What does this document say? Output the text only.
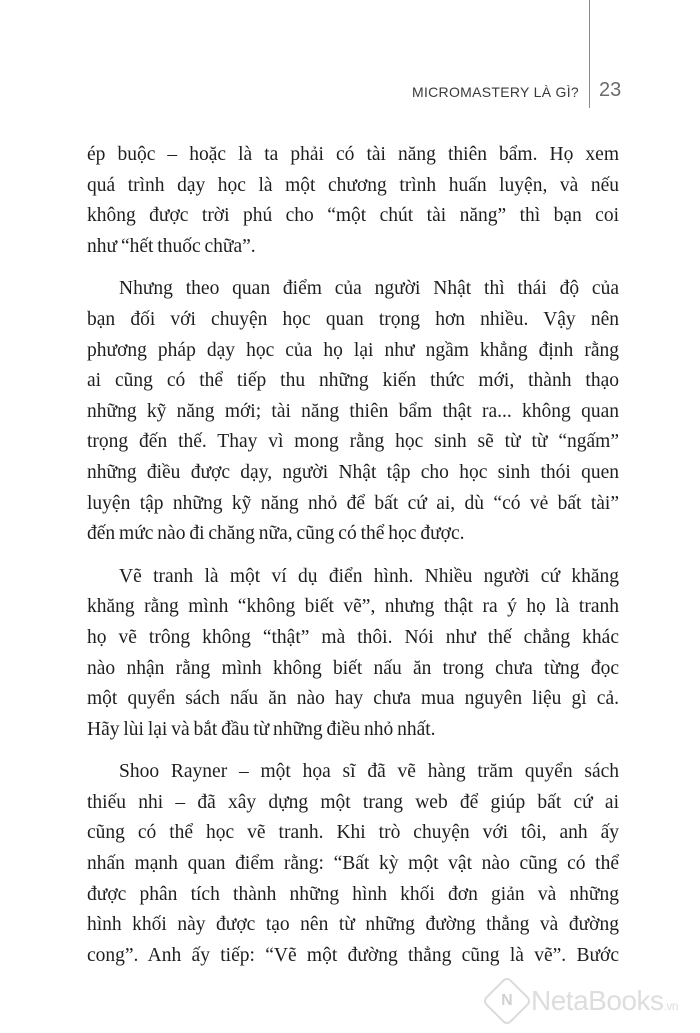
MICROMASTERY LÀ GÌ? 23
ép buộc – hoặc là ta phải có tài năng thiên bẩm. Họ xem
quá trình dạy học là một chương trình huấn luyện, và nếu
không được trời phú cho “một chút tài năng” thì bạn coi
như “hết thuốc chữa”.
Nhưng theo quan điểm của người Nhật thì thái độ của
bạn đối với chuyện học quan trọng hơn nhiều. Vậy nên
phương pháp dạy học của họ lại như ngầm khẳng định rằng
ai cũng có thể tiếp thu những kiến thức mới, thành thạo
những kỹ năng mới; tài năng thiên bẩm thật ra... không quan
trọng đến thế. Thay vì mong rằng học sinh sẽ từ từ “ngấm”
những điều được dạy, người Nhật tập cho học sinh thói quen
luyện tập những kỹ năng nhỏ để bất cứ ai, dù “có vẻ bất tài”
đến mức nào đi chăng nữa, cũng có thể học được.
Vẽ tranh là một ví dụ điển hình. Nhiều người cứ khăng
khăng rằng mình “không biết vẽ”, nhưng thật ra ý họ là tranh
họ vẽ trông không “thật” mà thôi. Nói như thế chẳng khác
nào nhận rằng mình không biết nấu ăn trong chưa từng đọc
một quyển sách nấu ăn nào hay chưa mua nguyên liệu gì cả.
Hãy lùi lại và bắt đầu từ những điều nhỏ nhất.
Shoo Rayner – một họa sĩ đã vẽ hàng trăm quyển sách
thiếu nhi – đã xây dựng một trang web để giúp bất cứ ai
cũng có thể học vẽ tranh. Khi trò chuyện với tôi, anh ấy
nhấn mạnh quan điểm rằng: “Bất kỳ một vật nào cũng có thể
được phân tích thành những hình khối đơn giản và những
hình khối này được tạo nên từ những đường thẳng và đường
cong”. Anh ấy tiếp: “Vẽ một đường thẳng cũng là vẽ”. Bước
N NetaBooks.vn
